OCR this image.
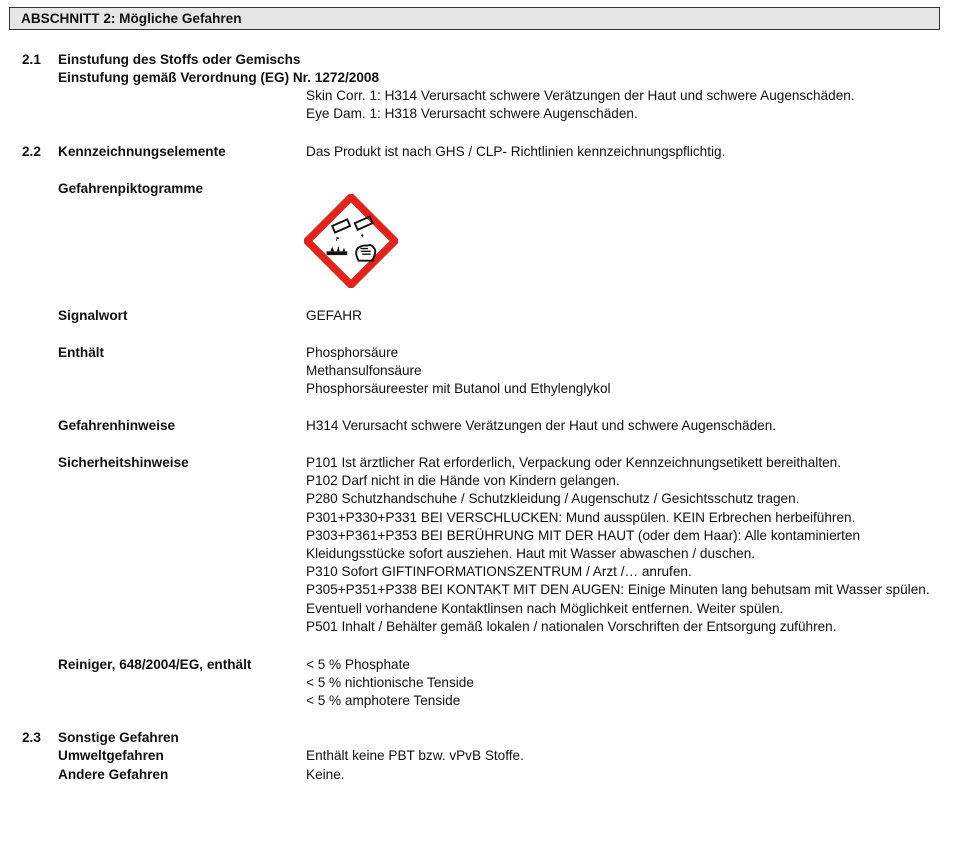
ABSCHNITT 2: Mögliche Gefahren
2.1 Einstufung des Stoffs oder Gemischs
Einstufung gemäß Verordnung (EG) Nr. 1272/2008
Skin Corr. 1: H314 Verursacht schwere Verätzungen der Haut und schwere Augenschäden.
Eye Dam. 1: H318 Verursacht schwere Augenschäden.
2.2 Kennzeichnungselemente	Das Produkt ist nach GHS / CLP- Richtlinien kennzeichnungspflichtig.
Gefahrenpiktogramme
Signalwort	GEFAHR
Enthält	Phosphorsäure
Methansulfonsäure
Phosphorsäureester mit Butanol und Ethylenglykol
Gefahrenhinweise	H314 Verursacht schwere Verätzungen der Haut und schwere Augenschäden.
Sicherheitshinweise	P101 Ist ärztlicher Rat erforderlich, Verpackung oder Kennzeichnungsetikett bereithalten.
P102 Darf nicht in die Hände von Kindern gelangen.
P280 Schutzhandschuhe / Schutzkleidung / Augenschutz / Gesichtsschutz tragen.
P301+P330+P331 BEI VERSCHLUCKEN: Mund ausspülen. KEIN Erbrechen herbeiführen.
P303+P361+P353 BEI BERÜHRUNG MIT DER HAUT (oder dem Haar): Alle kontaminierten
Kleidungsstücke sofort ausziehen. Haut mit Wasser abwaschen / duschen.
P310 Sofort GIFTINFORMATIONSZENTRUM / Arzt /… anrufen.
P305+P351+P338 BEI KONTAKT MIT DEN AUGEN: Einige Minuten lang behutsam mit Wasser spülen.
Eventuell vorhandene Kontaktlinsen nach Möglichkeit entfernen. Weiter spülen.
P501 Inhalt / Behälter gemäß lokalen / nationalen Vorschriften der Entsorgung zuführen.
Reiniger, 648/2004/EG, enthält	< 5 % Phosphate
< 5 % nichtionische Tenside
< 5 % amphotere Tenside
2.3 Sonstige Gefahren
Umweltgefahren	Enthält keine PBT bzw. vPvB Stoffe.
Andere Gefahren	Keine.
